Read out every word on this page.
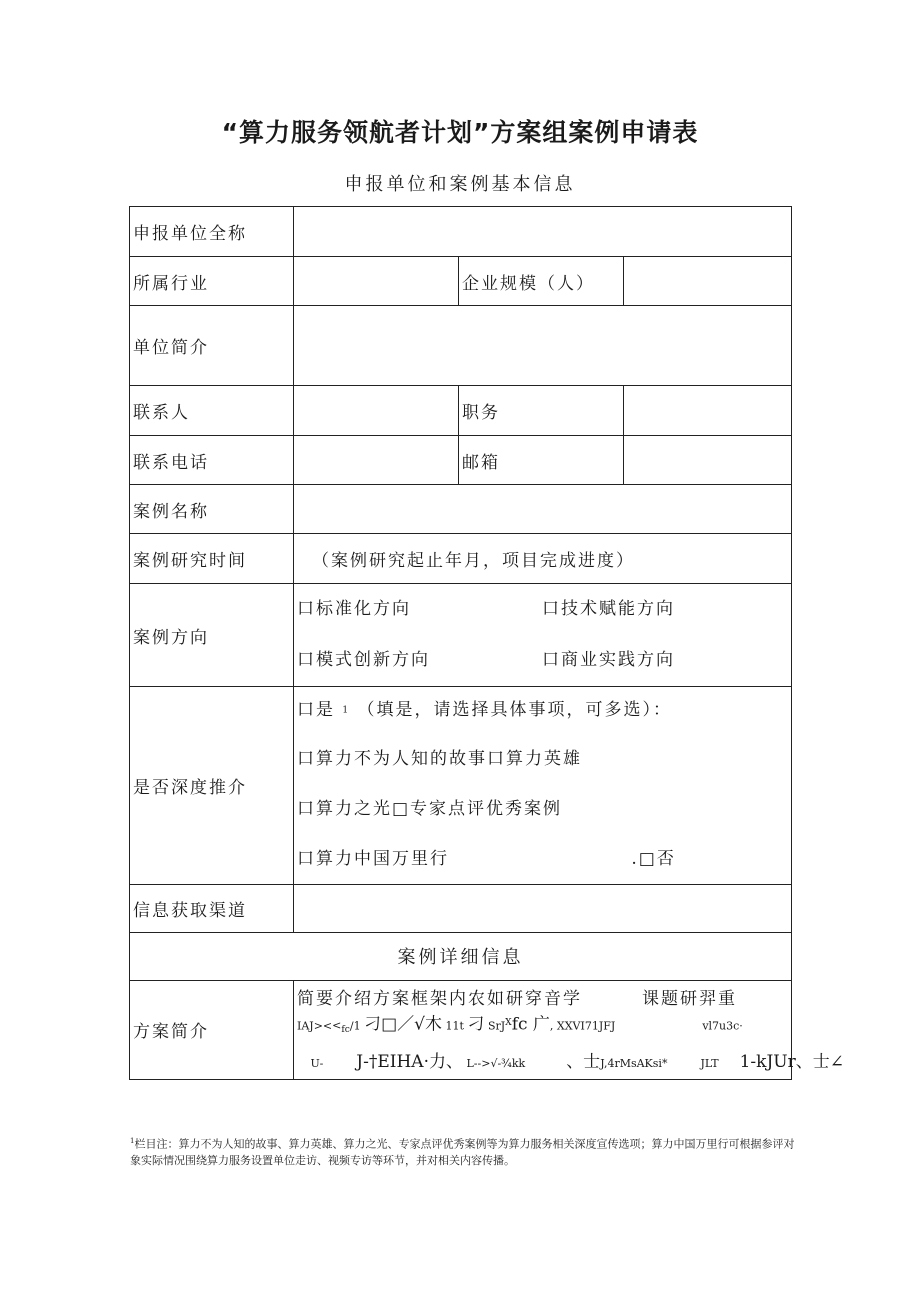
“算力服务领航者计划”方案组案例申请表
申报单位和案例基本信息
申报单位全称			
所属行业		企业规模（人）	
单位简介			
联系人		职务	
联系电话		邮箱	
案例名称			
案例研究时间	（案例研究起止年月，项目完成进度）		
案例方向	口标准化方向 口技术赋能方向
口模式创新方向 口商业实践方向		

是否深度推介	口是 1 （填是，请选择具体事项，可多选）：
口算力不为人知的故事口算力英雄
口算力之光□专家点评优秀案例
口算力中国万里行 .□否		

信息获取渠道			
案例详细信息			
方案简介	简要介绍方案框架内农如研穿音学 课题研羿重
$IAJ><<_{fc}/1$ 刁□／√木 11t 刁 SrJ$^X$fc 广, XXVI71JFJ vl7u3c·
U- J-†EIHA·力、 L-->√-¾kk 、士J,4rMsAKsi* JLT 1-kJUr、士∠		
$^1$栏目注：算力不为人知的故事、算力英雄、算力之光、专家点评优秀案例等为算力服务相关深度宣传选项；算力中国万里行可根据参评对象实际情况围绕算力服务设置单位走访、视频专访等环节，并对相关内容传播。
